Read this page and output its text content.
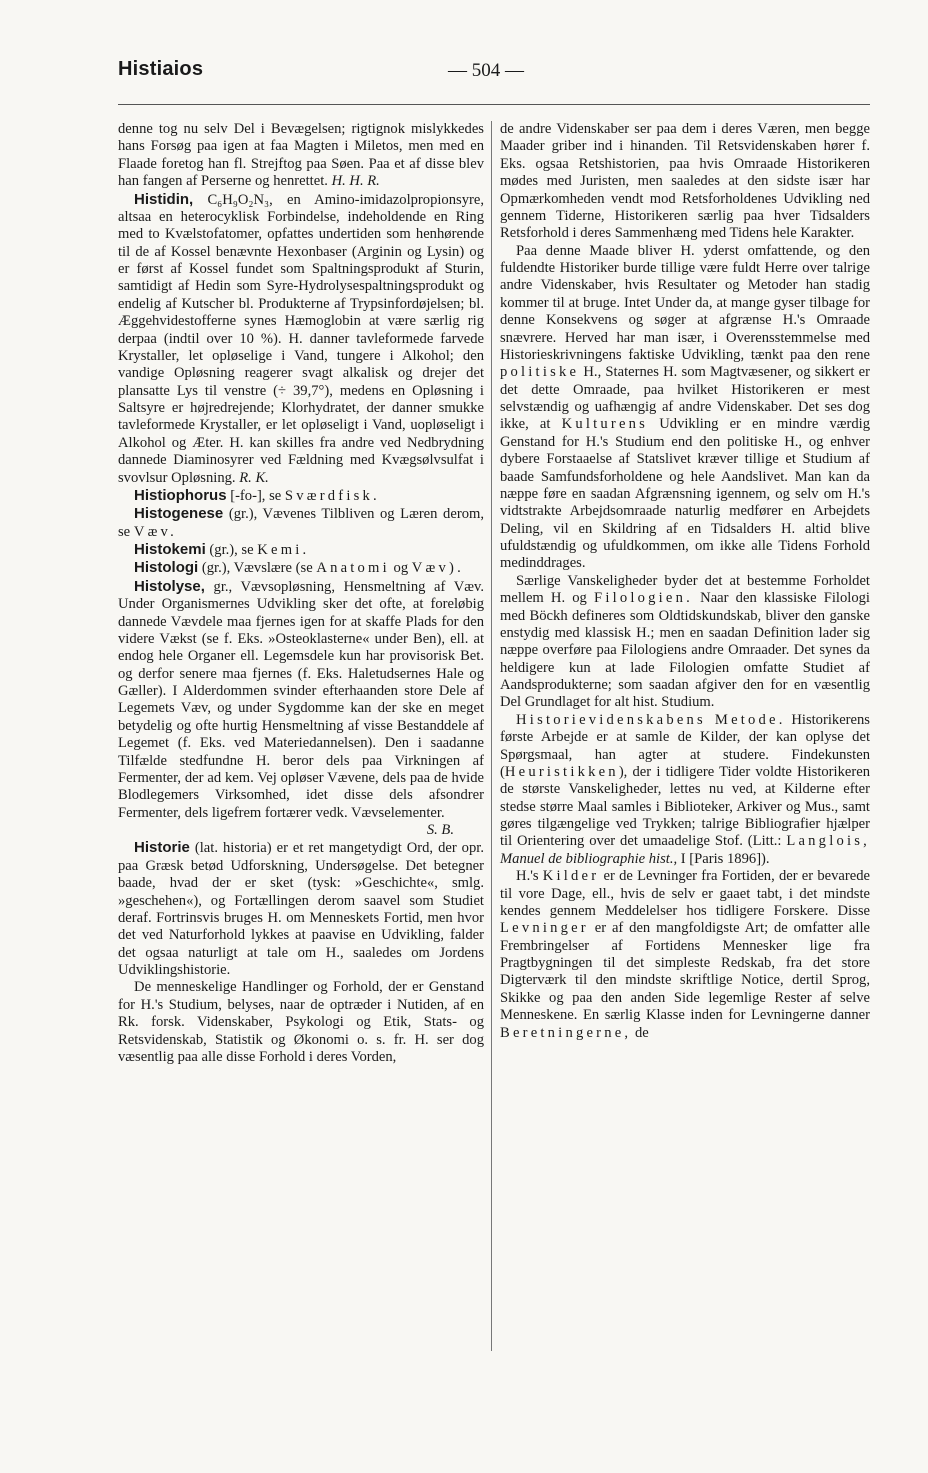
Histiaios	— 504 —

denne tog nu selv Del i Bevægelsen; rigtignok mislykkedes hans Forsøg paa igen at faa Magten i Miletos, men med en Flaade foretog han fl. Strejftog paa Søen. Paa et af disse blev han fangen af Perserne og henrettet. H. H. R.

Histidin, C₆H₉O₂N₃, en Amino-imidazolpropionsyre, altsaa en heterocyklisk Forbindelse, indeholdende en Ring med to Kvælstofatomer, opfattes undertiden som henhørende til de af Kossel benævnte Hexonbaser (Arginin og Lysin) og er først af Kossel fundet som Spaltningsprodukt af Sturin, samtidigt af Hedin som Syre-Hydrolysespaltningsprodukt og endelig af Kutscher bl. Produkterne af Trypsinfordøjelsen; bl. Æggehvidestofferne synes Hæmoglobin at være særlig rig derpaa (indtil over 10 %). H. danner tavleformede farvede Krystaller, let opløselige i Vand, tungere i Alkohol; den vandige Opløsning reagerer svagt alkalisk og drejer det plansatte Lys til venstre (÷ 39,7°), medens en Opløsning i Saltsyre er højredrejende; Klorhydratet, der danner smukke tavleformede Krystaller, er let opløseligt i Vand, uopløseligt i Alkohol og Æter. H. kan skilles fra andre ved Nedbrydning dannede Diaminosyrer ved Fældning med Kvægsølvsulfat i svovlsur Opløsning. R. K.

Histiophorus [-fo-], se Sværdfisk.

Histogenese (gr.), Vævenes Tilbliven og Læren derom, se Væv.

Histokemi (gr.), se Kemi.

Histologi (gr.), Vævslære (se Anatomi og Væv).

Histolyse, gr., Vævsopløsning, Hensmeltning af Væv. Under Organismernes Udvikling sker det ofte, at foreløbig dannede Vævdele maa fjernes igen for at skaffe Plads for den videre Vækst (se f. Eks. »Osteoklasterne« under Ben), ell. at endog hele Organer ell. Legemsdele kun har provisorisk Bet. og derfor senere maa fjernes (f. Eks. Haletudsernes Hale og Gæller). I Alderdommen svinder efterhaanden store Dele af Legemets Væv, og under Sygdomme kan der ske en meget betydelig og ofte hurtig Hensmeltning af visse Bestanddele af Legemet (f. Eks. ved Materiedannelsen). Den i saadanne Tilfælde stedfundne H. beror dels paa Virkningen af Fermenter, der ad kem. Vej opløser Vævene, dels paa de hvide Blodlegemers Virksomhed, idet disse dels afsondrer Fermenter, dels ligefrem fortærer vedk. Vævselementer.
S. B.

Historie (lat. historia) er et ret mangetydigt Ord, der opr. paa Græsk betød Udforskning, Undersøgelse. Det betegner baade, hvad der er sket (tysk: »Geschichte«, smlg. »geschehen«), og Fortællingen derom saavel som Studiet deraf. Fortrinsvis bruges H. om Menneskets Fortid, men hvor det ved Naturforhold lykkes at paavise en Udvikling, falder det ogsaa naturligt at tale om H., saaledes om Jordens Udviklingshistorie.

De menneskelige Handlinger og Forhold, der er Genstand for H.'s Studium, belyses, naar de optræder i Nutiden, af en Rk. forsk. Videnskaber, Psykologi og Etik, Stats- og Retsvidenskab, Statistik og Økonomi o. s. fr. H. ser dog væsentlig paa alle disse Forhold i deres Vorden,

de andre Videnskaber ser paa dem i deres Væren, men begge Maader griber ind i hinanden. Til Retsvidenskaben hører f. Eks. ogsaa Retshistorien, paa hvis Omraade Historikeren mødes med Juristen, men saaledes at den sidste især har Opmærkomheden vendt mod Retsforholdenes Udvikling ned gennem Tiderne, Historikeren særlig paa hver Tidsalders Retsforhold i deres Sammenhæng med Tidens hele Karakter.

Paa denne Maade bliver H. yderst omfattende, og den fuldendte Historiker burde tillige være fuldt Herre over talrige andre Videnskaber, hvis Resultater og Metoder han stadig kommer til at bruge. Intet Under da, at mange gyser tilbage for denne Konsekvens og søger at afgrænse H.'s Omraade snævrere. Herved har man især, i Overensstemmelse med Historieskrivningens faktiske Udvikling, tænkt paa den rene politiske H., Staternes H. som Magtvæsener, og sikkert er det dette Omraade, paa hvilket Historikeren er mest selvstændig og uafhængig af andre Videnskaber. Det ses dog ikke, at Kulturens Udvikling er en mindre værdig Genstand for H.'s Studium end den politiske H., og enhver dybere Forstaaelse af Statslivet kræver tillige et Studium af baade Samfundsforholdene og hele Aandslivet. Man kan da næppe føre en saadan Afgrænsning igennem, og selv om H.'s vidtstrakte Arbejdsomraade naturlig medfører en Arbejdets Deling, vil en Skildring af en Tidsalders H. altid blive ufuldstændig og ufuldkommen, om ikke alle Tidens Forhold medinddrages.

Særlige Vanskeligheder byder det at bestemme Forholdet mellem H. og Filologien. Naar den klassiske Filologi med Böckh defineres som Oldtidskundskab, bliver den ganske enstydig med klassisk H.; men en saadan Definition lader sig næppe overføre paa Filologiens andre Omraader. Det synes da heldigere kun at lade Filologien omfatte Studiet af Aandsprodukterne; som saadan afgiver den for en væsentlig Del Grundlaget for alt hist. Studium.

Historievidenskabens Metode. Historikerens første Arbejde er at samle de Kilder, der kan oplyse det Spørgsmaal, han agter at studere. Findekunsten (Heuristikken), der i tidligere Tider voldte Historikeren de største Vanskeligheder, lettes nu ved, at Kilderne efter stedse større Maal samles i Biblioteker, Arkiver og Mus., samt gøres tilgængelige ved Trykken; talrige Bibliografier hjælper til Orientering over det umaadelige Stof. (Litt.: Langlois, Manuel de bibliographie hist., I [Paris 1896]).

H.'s Kilder er de Levninger fra Fortiden, der er bevarede til vore Dage, ell., hvis de selv er gaaet tabt, i det mindste kendes gennem Meddelelser hos tidligere Forskere. Disse Levninger er af den mangfoldigste Art; de omfatter alle Frembringelser af Fortidens Mennesker lige fra Pragtbygningen til det simpleste Redskab, fra det store Digterværk til den mindste skriftlige Notice, dertil Sprog, Skikke og paa den anden Side legemlige Rester af selve Menneskene. En særlig Klasse inden for Levningerne danner Beretningerne, de
